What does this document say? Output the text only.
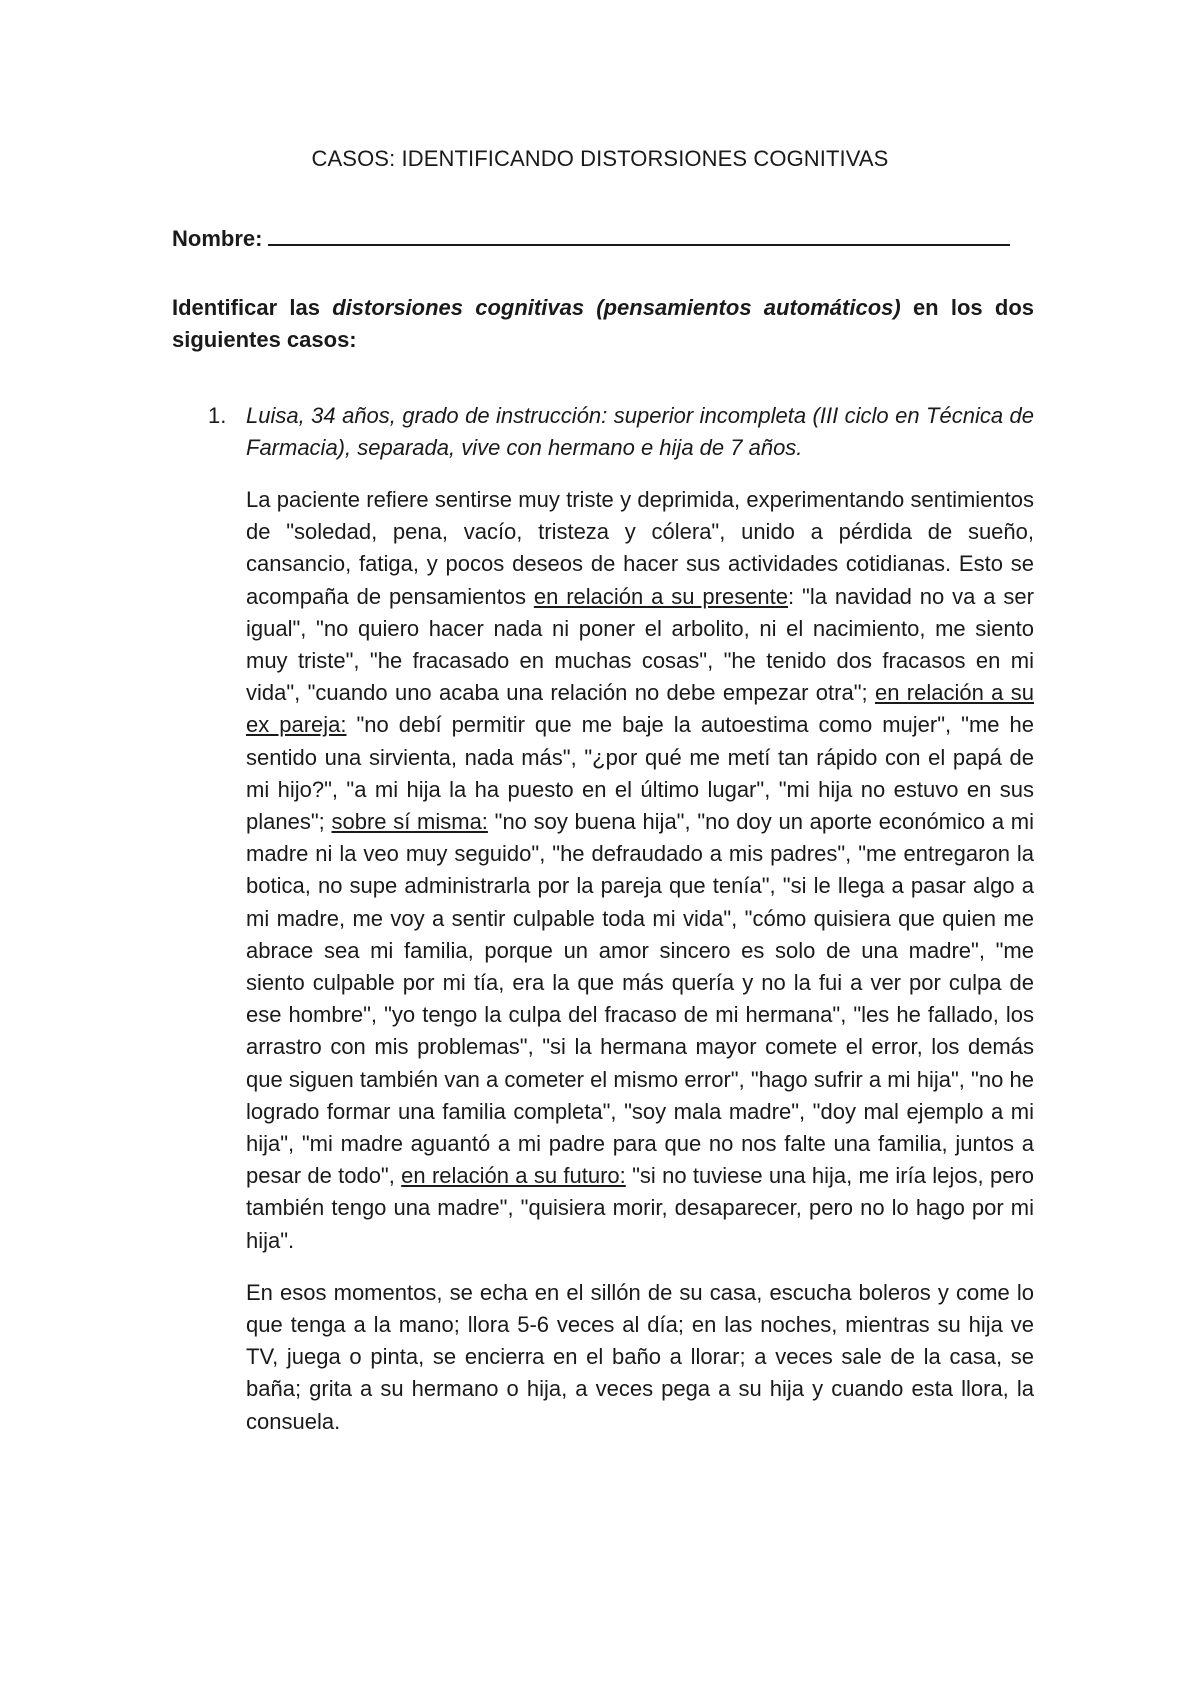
CASOS: IDENTIFICANDO DISTORSIONES COGNITIVAS
Nombre:

Identificar las distorsiones cognitivas (pensamientos automáticos) en los dos siguientes casos:

1. Luisa, 34 años, grado de instrucción: superior incompleta (III ciclo en Técnica de Farmacia), separada, vive con hermano e hija de 7 años.

La paciente refiere sentirse muy triste y deprimida, experimentando sentimientos de "soledad, pena, vacío, tristeza y cólera", unido a pérdida de sueño, cansancio, fatiga, y pocos deseos de hacer sus actividades cotidianas. Esto se acompaña de pensamientos en relación a su presente: "la navidad no va a ser igual", "no quiero hacer nada ni poner el arbolito, ni el nacimiento, me siento muy triste", "he fracasado en muchas cosas", "he tenido dos fracasos en mi vida", "cuando uno acaba una relación no debe empezar otra"; en relación a su ex pareja: "no debí permitir que me baje la autoestima como mujer", "me he sentido una sirvienta, nada más", "¿por qué me metí tan rápido con el papá de mi hijo?", "a mi hija la ha puesto en el último lugar", "mi hija no estuvo en sus planes"; sobre sí misma: "no soy buena hija", "no doy un aporte económico a mi madre ni la veo muy seguido", "he defraudado a mis padres", "me entregaron la botica, no supe administrarla por la pareja que tenía", "si le llega a pasar algo a mi madre, me voy a sentir culpable toda mi vida", "cómo quisiera que quien me abrace sea mi familia, porque un amor sincero es solo de una madre", "me siento culpable por mi tía, era la que más quería y no la fui a ver por culpa de ese hombre", "yo tengo la culpa del fracaso de mi hermana", "les he fallado, los arrastro con mis problemas", "si la hermana mayor comete el error, los demás que siguen también van a cometer el mismo error", "hago sufrir a mi hija", "no he logrado formar una familia completa", "soy mala madre", "doy mal ejemplo a mi hija", "mi madre aguantó a mi padre para que no nos falte una familia, juntos a pesar de todo", en relación a su futuro: "si no tuviese una hija, me iría lejos, pero también tengo una madre", "quisiera morir, desaparecer, pero no lo hago por mi hija".

En esos momentos, se echa en el sillón de su casa, escucha boleros y come lo que tenga a la mano; llora 5-6 veces al día; en las noches, mientras su hija ve TV, juega o pinta, se encierra en el baño a llorar; a veces sale de la casa, se baña; grita a su hermano o hija, a veces pega a su hija y cuando esta llora, la consuela.
